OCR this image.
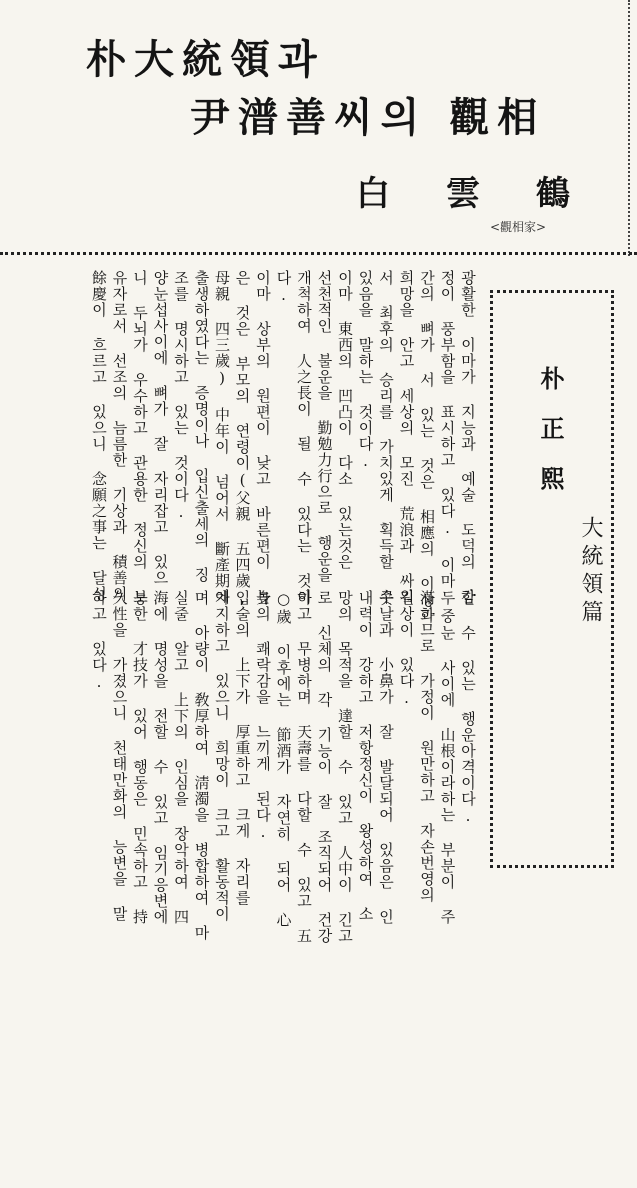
朴大統領과
尹潽善씨의 觀相
白雲鶴
<觀相家>
朴正熙
大統領篇
할 수 있는 행운아격이다.
두 눈 사이에 山根이라하는 부분이 주
滿하므로 가정이 원만하고 자손번영의
길상이 있다.
콧날과 小鼻가 잘 발달되어 있음은 인
내력이 강하고 저항정신이 왕성하여 소
망의 목적을 達할 수 있고 人中이 긴고
로 신체의 각 기능이 잘 조직되어 건강
하고 무병하며 天壽를 다할 수 있고 五
○歲 이후에는 節酒가 자연히 되어 心
身의 쾌락감을 느끼게 된다.
입술의 上下가 厚重하고 크게 자리를
차지하고 있으니 희망이 크고 활동적이
며 아량이 敎厚하여 淸濁을 병합하여 마
실줄 알고 上下의 인심을 장악하여 四
海에 명성을 전할 수 있고 임기응변에
능한 才技가 있어 행동은 민속하고 持
久性을 가졌으니 천태만화의 능변을 말
하고 있다.
광활한 이마가 지능과 예술 도덕의 감
정이 풍부함을 표시하고 있다. 이마 중
간의 뼈가 서 있는 것은 相應의 이상과
희망을 안고 세상의 모진 荒浪과 싸워
서 최후의 승리를 가치있게 획득할 수
있음을 말하는 것이다.
이마 東西의 凹凸이 다소 있는것은
선천적인 불운을 勤勉力行으로 행운을
개척하여 人之長이 될 수 있다는 것이
다.
이마 상부의 원편이 낮고 바른편이 높
은 것은 부모의 연령이(父親 五四歲,
母親 四三歲) 中年이 넘어서 斷產期에
출생하였다는 증명이나 입신출세의 징
조를 명시하고 있는 것이다.
양눈섭사이에 뼈가 잘 자리잡고 있으
니 두뇌가 우수하고 관용한 정신의 보
유자로서 선조의 늠름한 기상과 積善의
餘慶이 흐르고 있으니 念願之事는 달성
